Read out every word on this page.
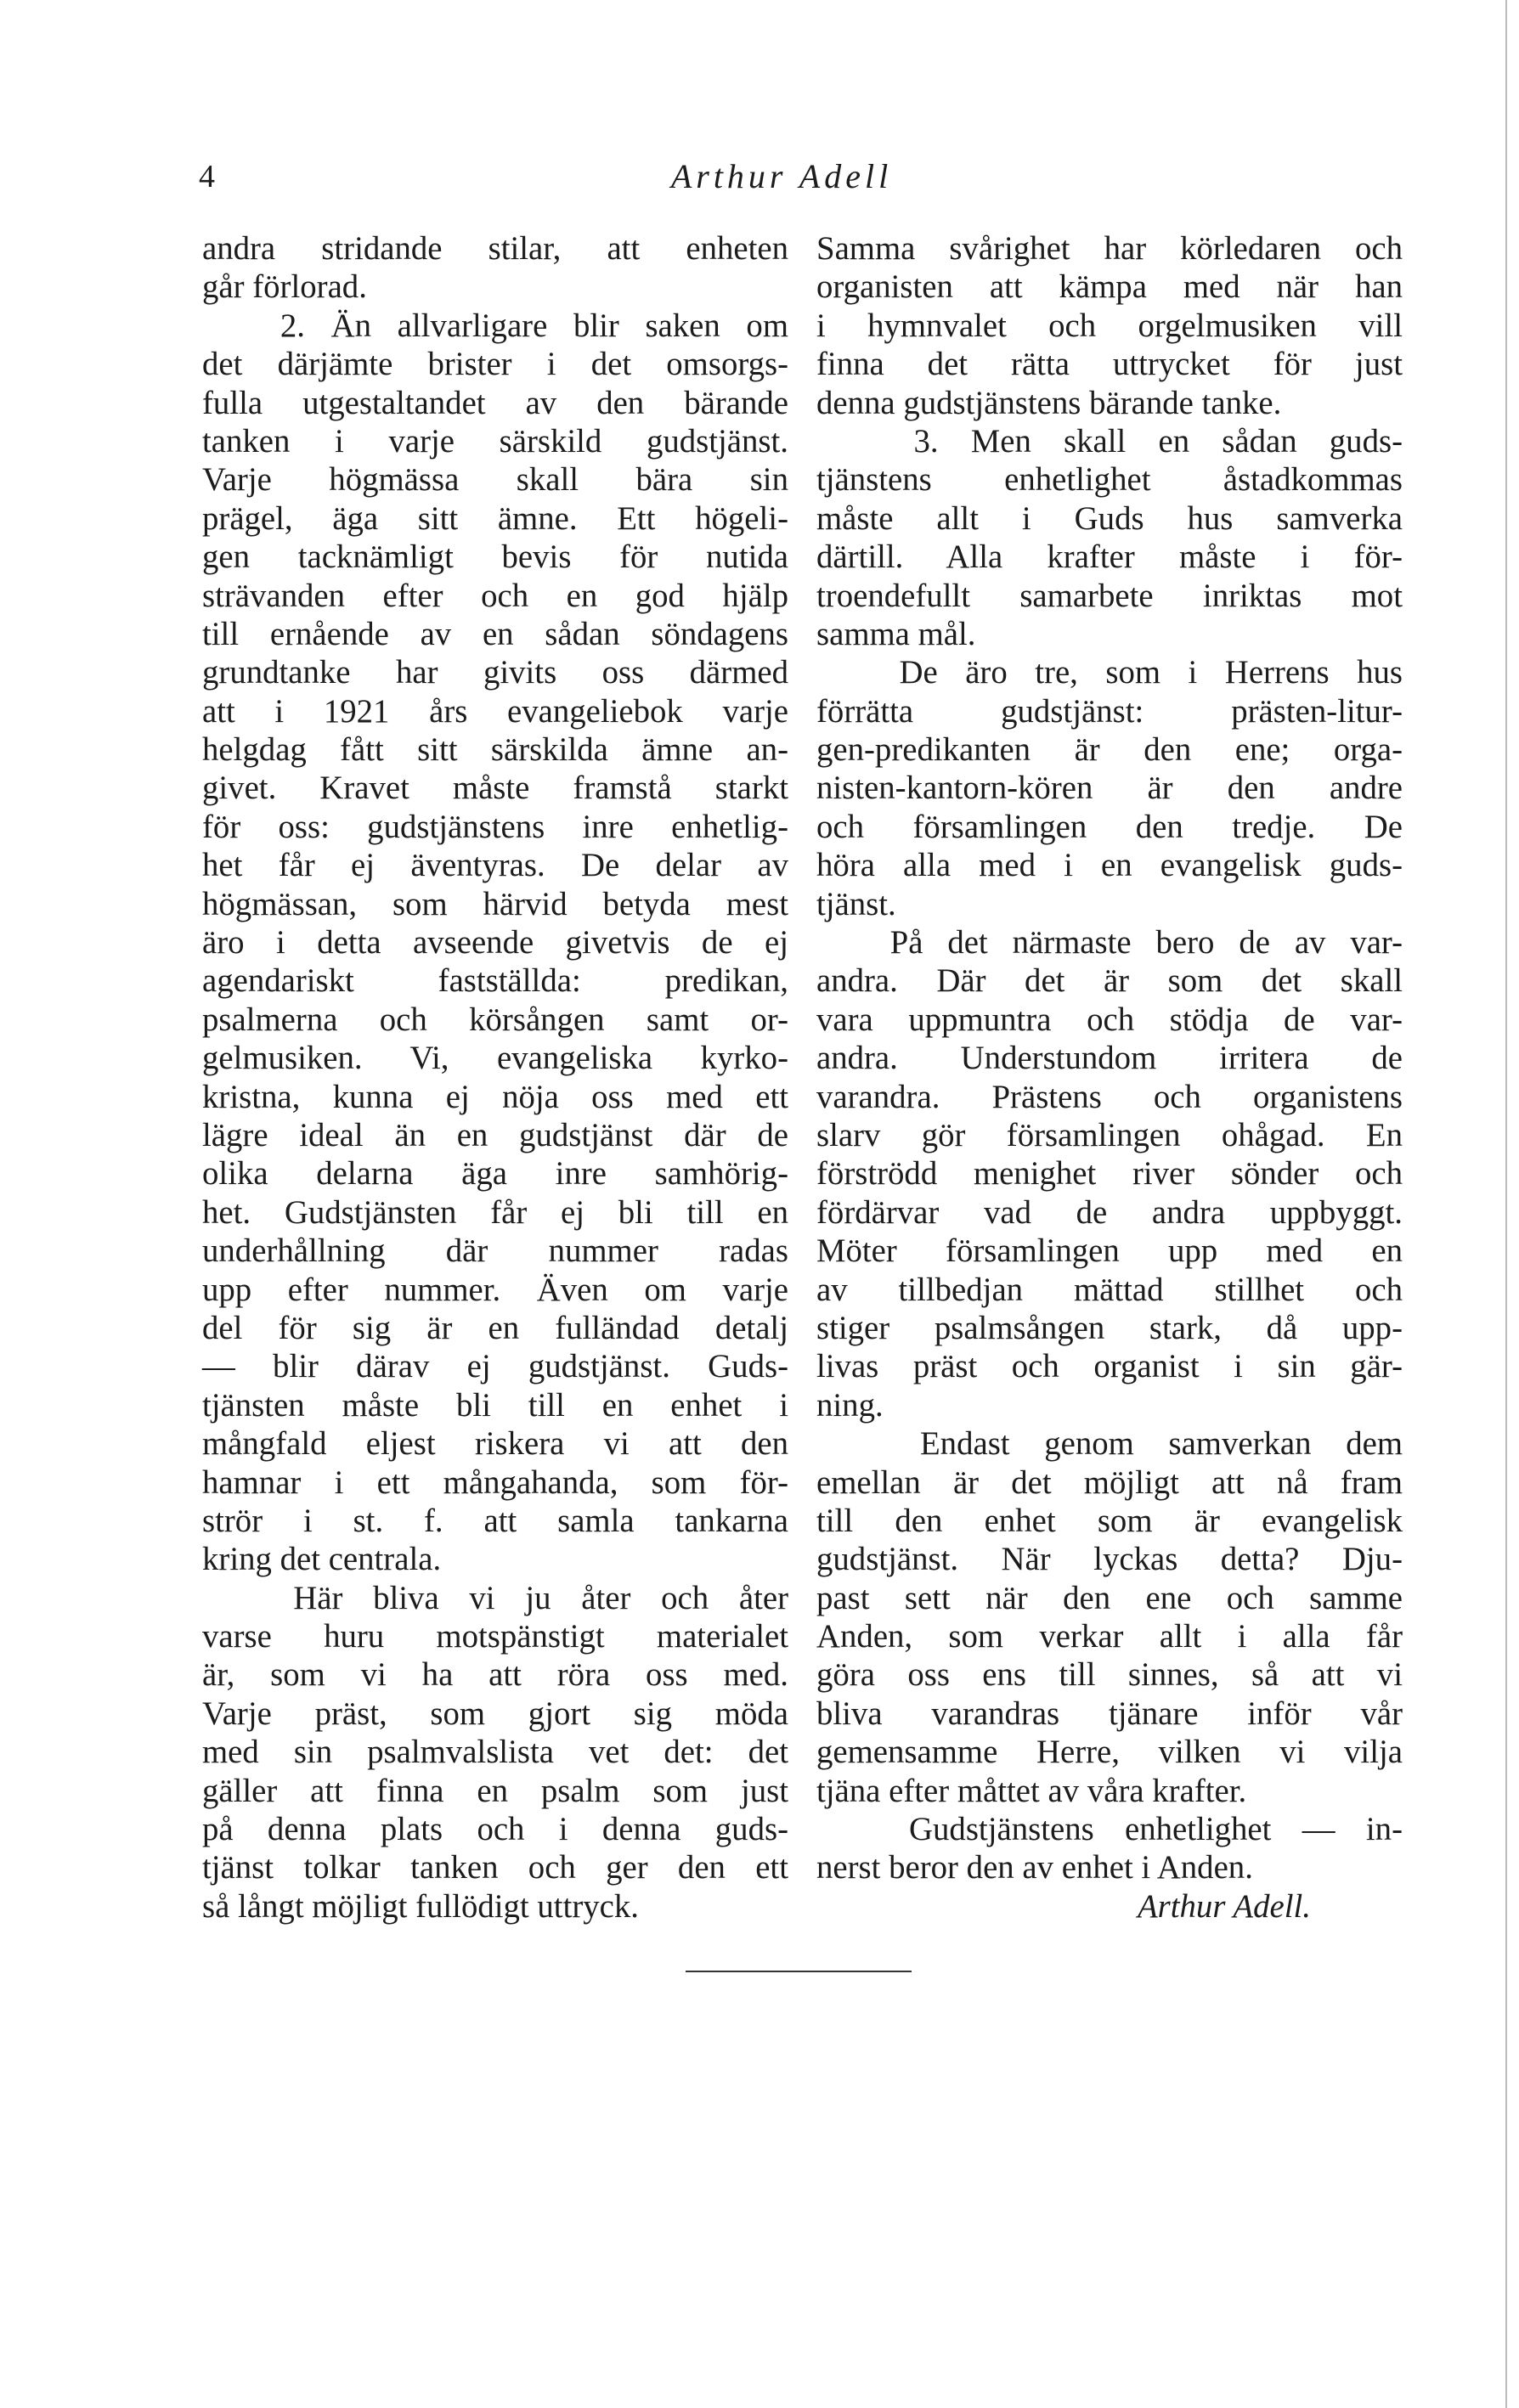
4	Arthur Adell
andra stridande stilar, att enheten
går förlorad.
2. Än allvarligare blir saken om
det därjämte brister i det omsorgs-
fulla utgestaltandet av den bärande
tanken i varje särskild gudstjänst.
Varje högmässa skall bära sin
prägel, äga sitt ämne. Ett högeli-
gen tacknämligt bevis för nutida
strävanden efter och en god hjälp
till ernående av en sådan söndagens
grundtanke har givits oss därmed
att i 1921 års evangeliebok varje
helgdag fått sitt särskilda ämne an-
givet. Kravet måste framstå starkt
för oss: gudstjänstens inre enhetlig-
het får ej äventyras. De delar av
högmässan, som härvid betyda mest
äro i detta avseende givetvis de ej
agendariskt fastställda: predikan,
psalmerna och körsången samt or-
gelmusiken. Vi, evangeliska kyrko-
kristna, kunna ej nöja oss med ett
lägre ideal än en gudstjänst där de
olika delarna äga inre samhörig-
het. Gudstjänsten får ej bli till en
underhållning där nummer radas
upp efter nummer. Även om varje
del för sig är en fulländad detalj
— blir därav ej gudstjänst. Guds-
tjänsten måste bli till en enhet i
mångfald eljest riskera vi att den
hamnar i ett mångahanda, som för-
strör i st. f. att samla tankarna
kring det centrala.
Här bliva vi ju åter och åter
varse huru motspänstigt materialet
är, som vi ha att röra oss med.
Varje präst, som gjort sig möda
med sin psalmvalslista vet det: det
gäller att finna en psalm som just
på denna plats och i denna guds-
tjänst tolkar tanken och ger den ett
så långt möjligt fullödigt uttryck.
Samma svårighet har körledaren och
organisten att kämpa med när han
i hymnvalet och orgelmusiken vill
finna det rätta uttrycket för just
denna gudstjänstens bärande tanke.
3. Men skall en sådan guds-
tjänstens enhetlighet åstadkommas
måste allt i Guds hus samverka
därtill. Alla krafter måste i för-
troendefullt samarbete inriktas mot
samma mål.
De äro tre, som i Herrens hus
förrätta gudstjänst: prästen-litur-
gen-predikanten är den ene; orga-
nisten-kantorn-kören är den andre
och församlingen den tredje. De
höra alla med i en evangelisk guds-
tjänst.
På det närmaste bero de av var-
andra. Där det är som det skall
vara uppmuntra och stödja de var-
andra. Understundom irritera de
varandra. Prästens och organistens
slarv gör församlingen ohågad. En
förströdd menighet river sönder och
fördärvar vad de andra uppbyggt.
Möter församlingen upp med en
av tillbedjan mättad stillhet och
stiger psalmsången stark, då upp-
livas präst och organist i sin gär-
ning.
Endast genom samverkan dem
emellan är det möjligt att nå fram
till den enhet som är evangelisk
gudstjänst. När lyckas detta? Dju-
past sett när den ene och samme
Anden, som verkar allt i alla får
göra oss ens till sinnes, så att vi
bliva varandras tjänare inför vår
gemensamme Herre, vilken vi vilja
tjäna efter måttet av våra krafter.
Gudstjänstens enhetlighet — in-
nerst beror den av enhet i Anden.
Arthur Adell.
